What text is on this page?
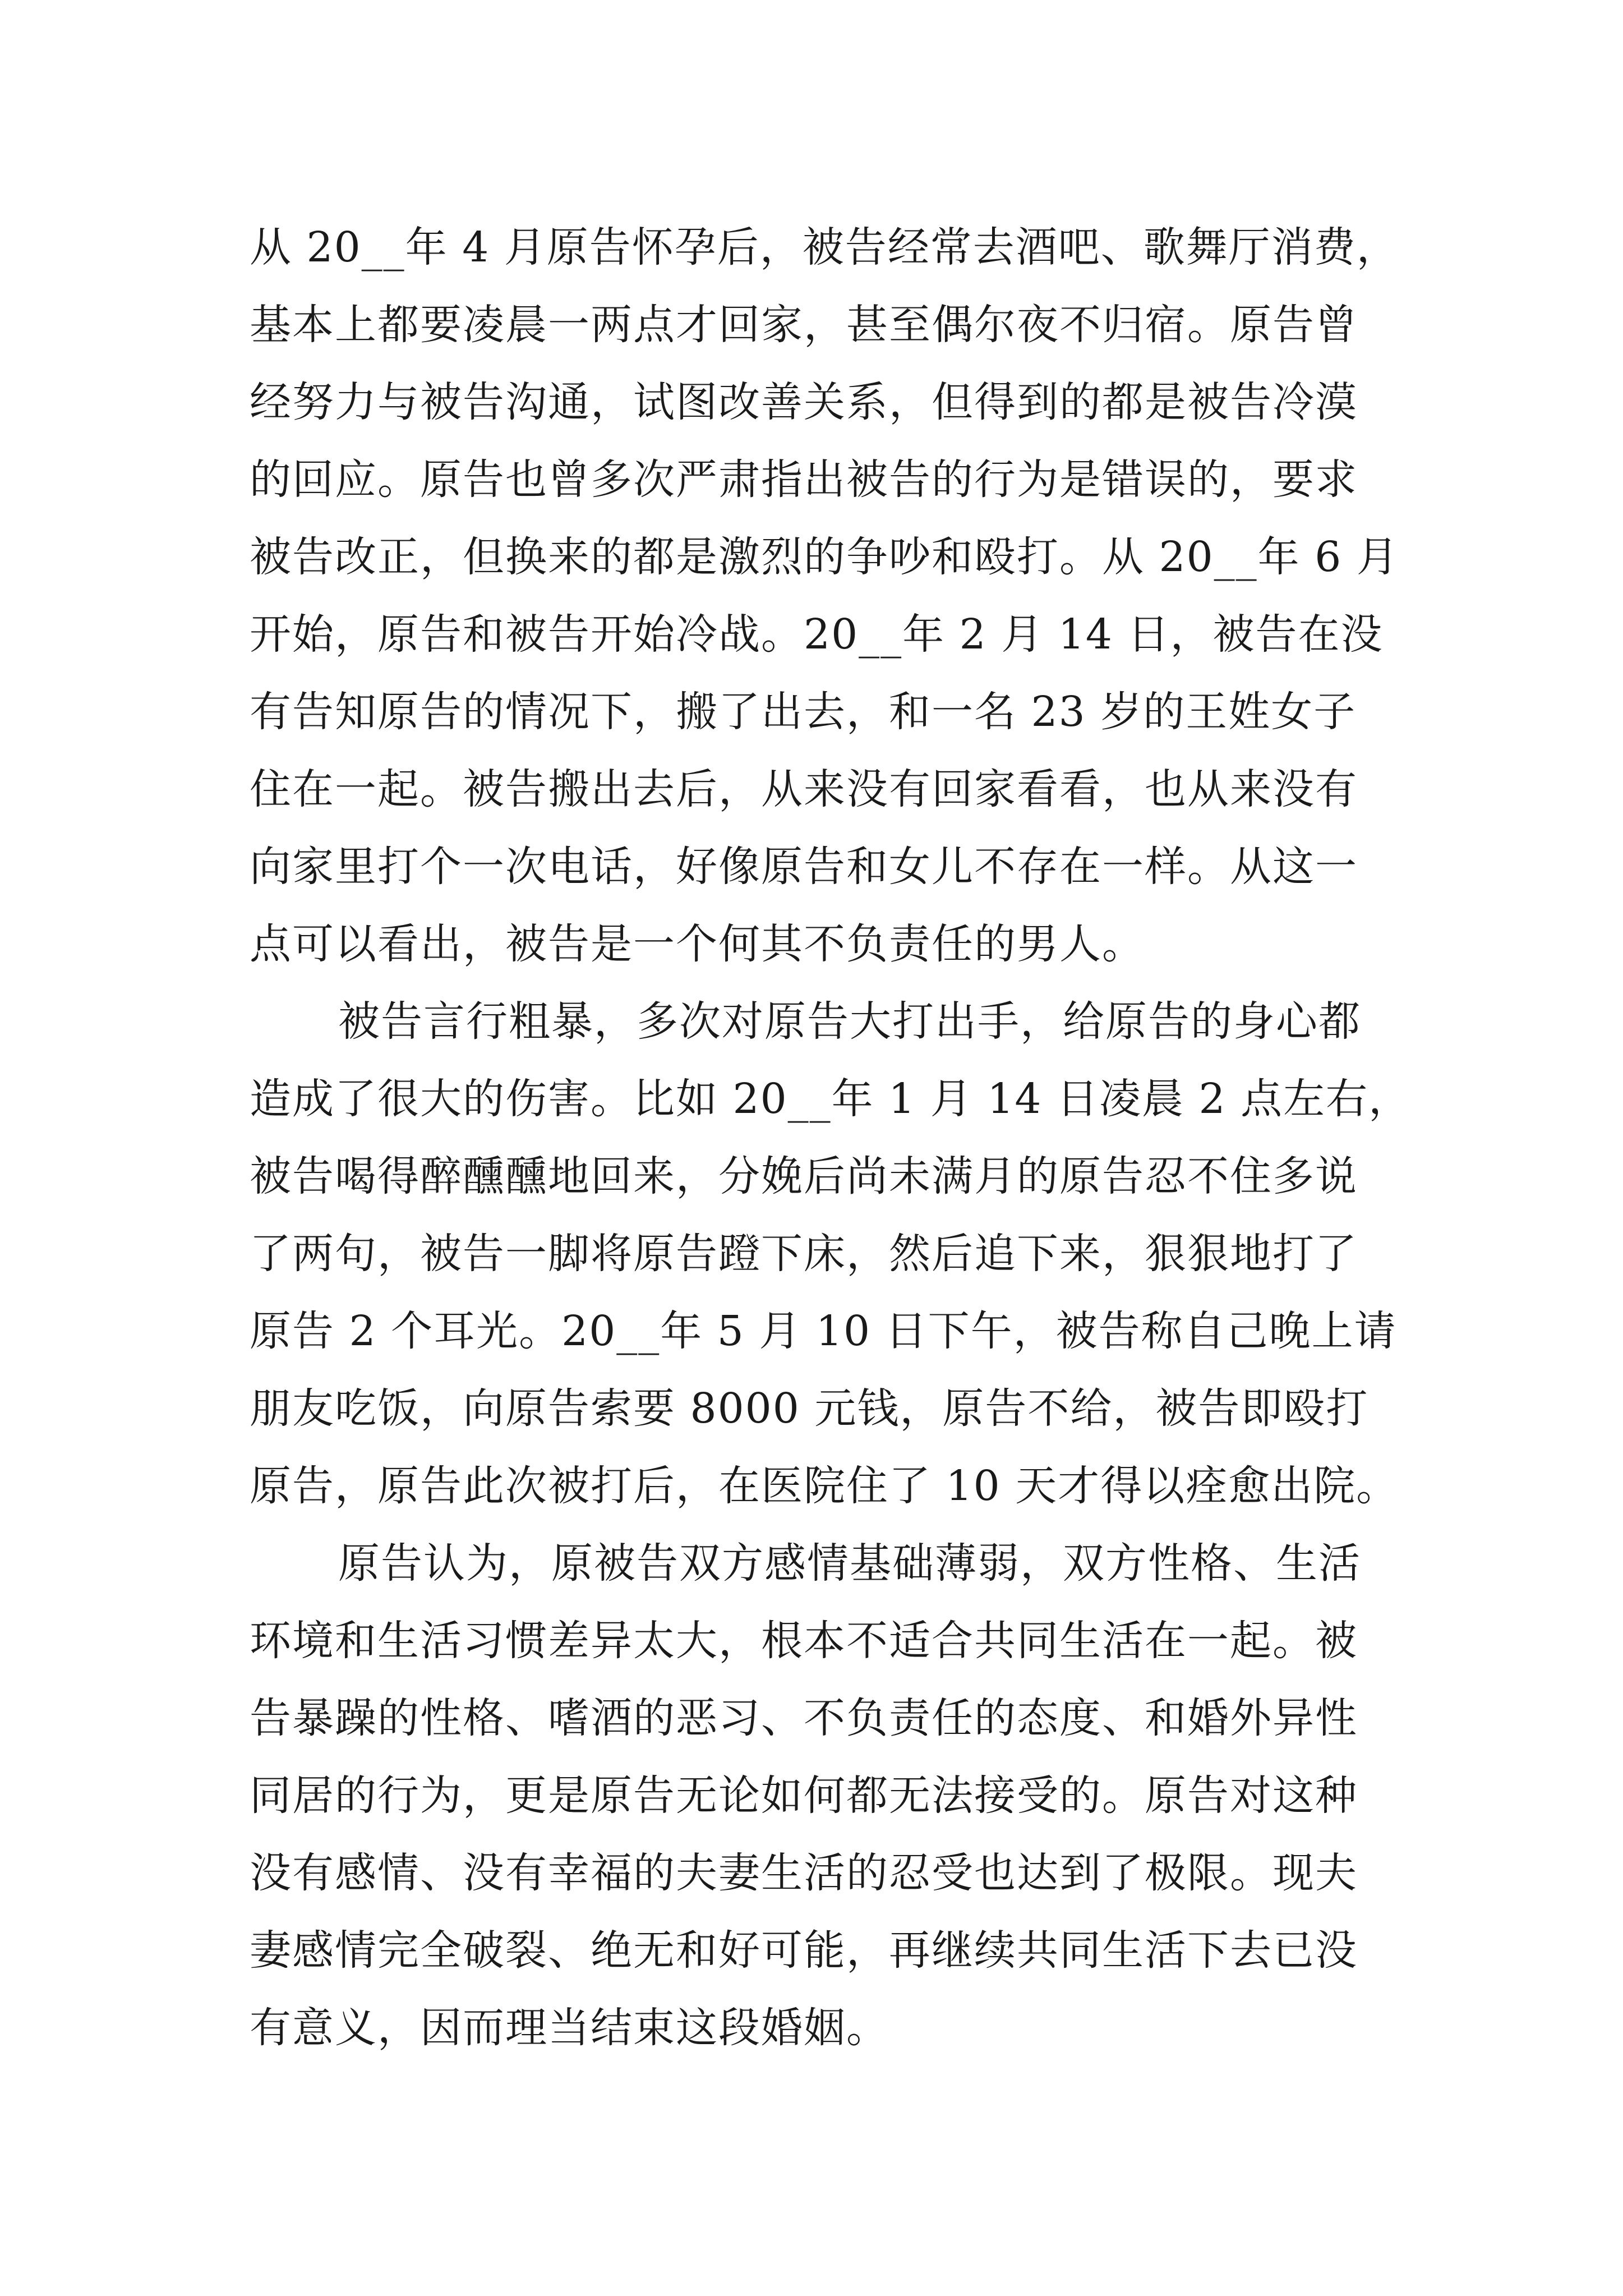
从 20__年 4 月原告怀孕后，被告经常去酒吧、歌舞厅消费，
基本上都要凌晨一两点才回家，甚至偶尔夜不归宿。原告曾
经努力与被告沟通，试图改善关系，但得到的都是被告冷漠
的回应。原告也曾多次严肃指出被告的行为是错误的，要求
被告改正，但换来的都是激烈的争吵和殴打。从 20__年 6 月
开始，原告和被告开始冷战。20__年 2 月 14 日，被告在没
有告知原告的情况下，搬了出去，和一名 23 岁的王姓女子
住在一起。被告搬出去后，从来没有回家看看，也从来没有
向家里打个一次电话，好像原告和女儿不存在一样。从这一
点可以看出，被告是一个何其不负责任的男人。
被告言行粗暴，多次对原告大打出手，给原告的身心都
造成了很大的伤害。比如 20__年 1 月 14 日凌晨 2 点左右，
被告喝得醉醺醺地回来，分娩后尚未满月的原告忍不住多说
了两句，被告一脚将原告蹬下床，然后追下来，狠狠地打了
原告 2 个耳光。20__年 5 月 10 日下午，被告称自己晚上请
朋友吃饭，向原告索要 8000 元钱，原告不给，被告即殴打
原告，原告此次被打后，在医院住了 10 天才得以痊愈出院。
原告认为，原被告双方感情基础薄弱，双方性格、生活
环境和生活习惯差异太大，根本不适合共同生活在一起。被
告暴躁的性格、嗜酒的恶习、不负责任的态度、和婚外异性
同居的行为，更是原告无论如何都无法接受的。原告对这种
没有感情、没有幸福的夫妻生活的忍受也达到了极限。现夫
妻感情完全破裂、绝无和好可能，再继续共同生活下去已没
有意义，因而理当结束这段婚姻。
